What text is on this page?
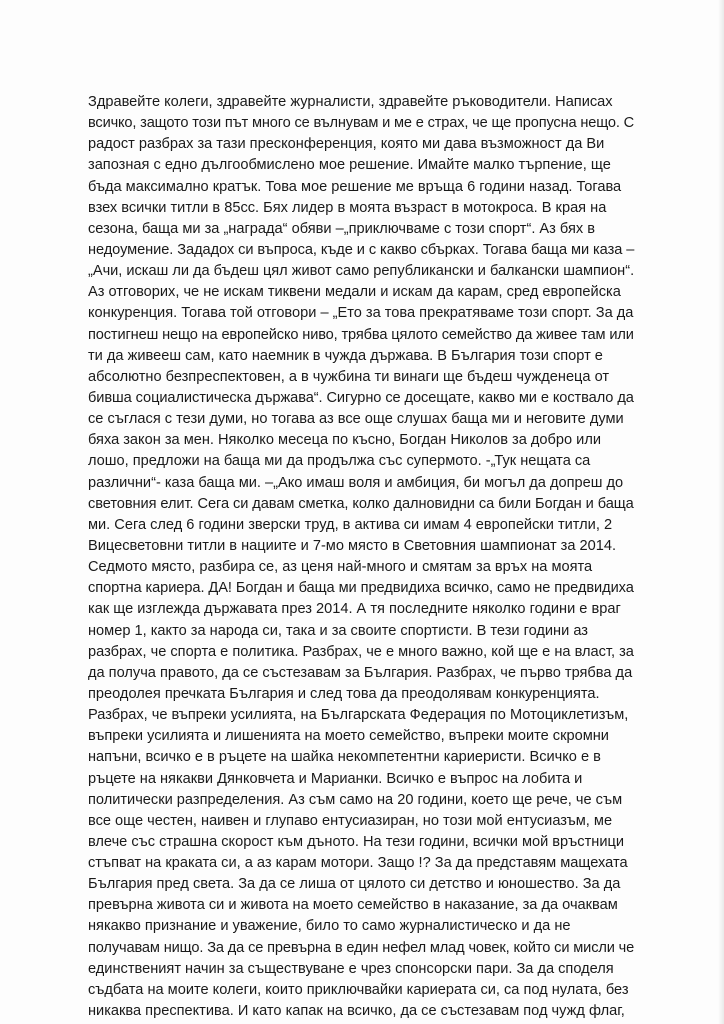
Здравейте колеги, здравейте журналисти, здравейте ръководители. Написах
всичко, защото този път много се вълнувам и ме е страх, че ще пропусна нещо. С
радост разбрах за тази пресконференция, която ми дава възможност да Ви
запозная с едно дългообмислено мое решение. Имайте малко търпение, ще
бъда максимално кратък. Това мое решение ме връща 6 години назад. Тогава
взех всички титли в 85сс. Бях лидер в моята възраст в мотокроса. В края на
сезона, баща ми за „награда“ обяви –„приключваме с този спорт“. Аз бях в
недоумение. Зададох си въпроса, къде и с какво сбърках. Тогава баща ми каза –
„Ачи, искаш ли да бъдеш цял живот само републикански и балкански шампион“.
Аз отговорих, че не искам тиквени медали и искам да карам, сред европейска
конкуренция. Тогава той отговори – „Ето за това прекратяваме този спорт. За да
постигнеш нещо на европейско ниво, трябва цялото семейство да живее там или
ти да живееш сам, като наемник в чужда държава. В България този спорт е
абсолютно безпреспектовен, а в чужбина ти винаги ще бъдеш чужденеца от
бивша социалистическа държава“. Сигурно се досещате, какво ми е коствало да
се съглася с тези думи, но тогава аз все още слушах баща ми и неговите думи
бяха закон за мен. Няколко месеца по късно, Богдан Николов за добро или
лошо, предложи на баща ми да продължа със супермото. -„Тук нещата са
различни“- каза баща ми. –„Ако имаш воля и амбиция, би могъл да допреш до
световния елит. Сега си давам сметка, колко далновидни са били Богдан и баща
ми. Сега след 6 години зверски труд, в актива си имам 4 европейски титли, 2
Вицесветовни титли в нациите и 7-мо място в Световния шампионат за 2014.
Седмото място, разбира се, аз ценя най-много и смятам за връх на моята
спортна кариера. ДА! Богдан и баща ми предвидиха всичко, само не предвидиха
как ще изглежда държавата през 2014. А тя последните няколко години е враг
номер 1, както за народа си, така и за своите спортисти. В тези години аз
разбрах, че спорта е политика. Разбрах, че е много важно, кой ще е на власт, за
да получа правото, да се състезавам за България. Разбрах, че първо трябва да
преодолея пречката България и след това да преодолявам конкуренцията.
Разбрах, че въпреки усилията, на Българската Федерация по Мотоциклетизъм,
въпреки усилията и лишенията на моето семейство, въпреки моите скромни
напъни, всичко е в ръцете на шайка некомпетентни кариеристи. Всичко е в
ръцете на някакви Дянковчета и Марианки. Всичко е въпрос на лобита и
политически разпределения. Аз съм само на 20 години, което ще рече, че съм
все още честен, наивен и глупаво ентусиазиран, но този мой ентусиазъм, ме
влече със страшна скорост към дъното. На тези години, всички мой връстници
стъпват на краката си, а аз карам мотори. Защо !? За да представям мащехата
България пред света. За да се лиша от цялото си детство и юношество. За да
превърна живота си и живота на моето семейство в наказание, за да очаквам
някакво признание и уважение, било то само журналистическо и да не
получавам нищо. За да се превърна в един нефел млад човек, който си мисли че
единственият начин за съществуване е чрез спонсорски пари. За да споделя
съдбата на моите колеги, които приключвайки кариерата си, са под нулата, без
никаква преспектива. И като капак на всичко, да се състезавам под чужд флаг,
